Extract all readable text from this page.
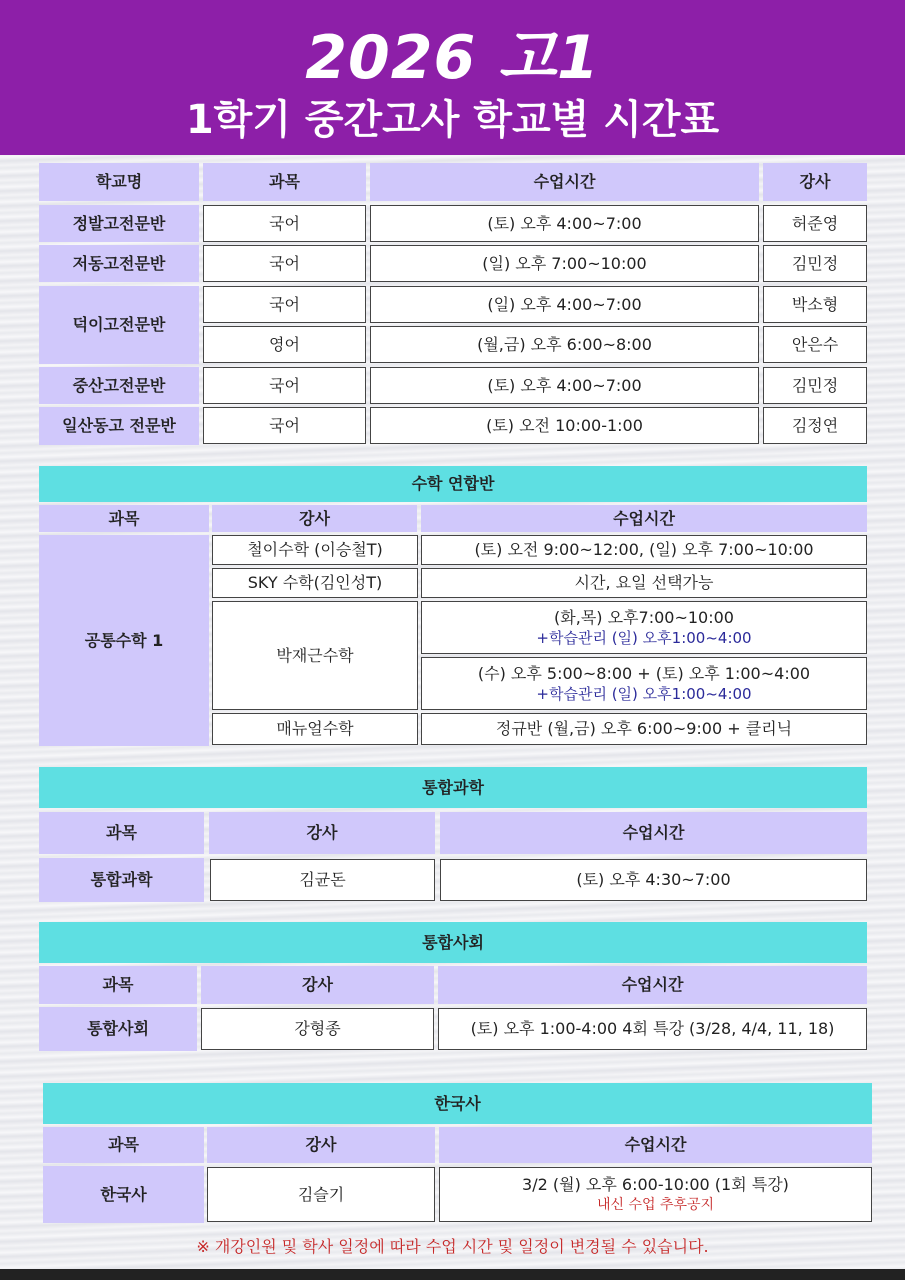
2026 고1
1학기 중간고사 학교별 시간표
학교명	과목	수업시간	강사
정발고전문반	국어	(토) 오후 4:00~7:00	허준영
저동고전문반	국어	(일) 오후 7:00~10:00	김민정
덕이고전문반
국어	(일) 오후 4:00~7:00	박소형
영어	(월,금) 오후 6:00~8:00	안은수
중산고전문반	국어	(토) 오후 4:00~7:00	김민정
일산동고 전문반	국어	(토) 오전 10:00-1:00	김정연
수학 연합반
과목	강사	수업시간
공통수학 1
철이수학 (이승철T)	(토) 오전 9:00~12:00, (일) 오후 7:00~10:00
SKY 수학(김인성T)	시간, 요일 선택가능
박재근수학
(화,목) 오후7:00~10:00
+학습관리 (일) 오후1:00~4:00
(수) 오후 5:00~8:00 + (토) 오후 1:00~4:00
+학습관리 (일) 오후1:00~4:00
매뉴얼수학	정규반 (월,금) 오후 6:00~9:00 + 클리닉
통합과학
과목	강사	수업시간
통합과학	김균돈	(토) 오후 4:30~7:00
통합사회
과목	강사	수업시간
통합사회	강형종	(토) 오후 1:00-4:00 4회 특강 (3/28, 4/4, 11, 18)
한국사
과목	강사	수업시간
한국사	김슬기	3/2 (월) 오후 6:00-10:00 (1회 특강)
내신 수업 추후공지
※ 개강인원 및 학사 일정에 따라 수업 시간 및 일정이 변경될 수 있습니다.
